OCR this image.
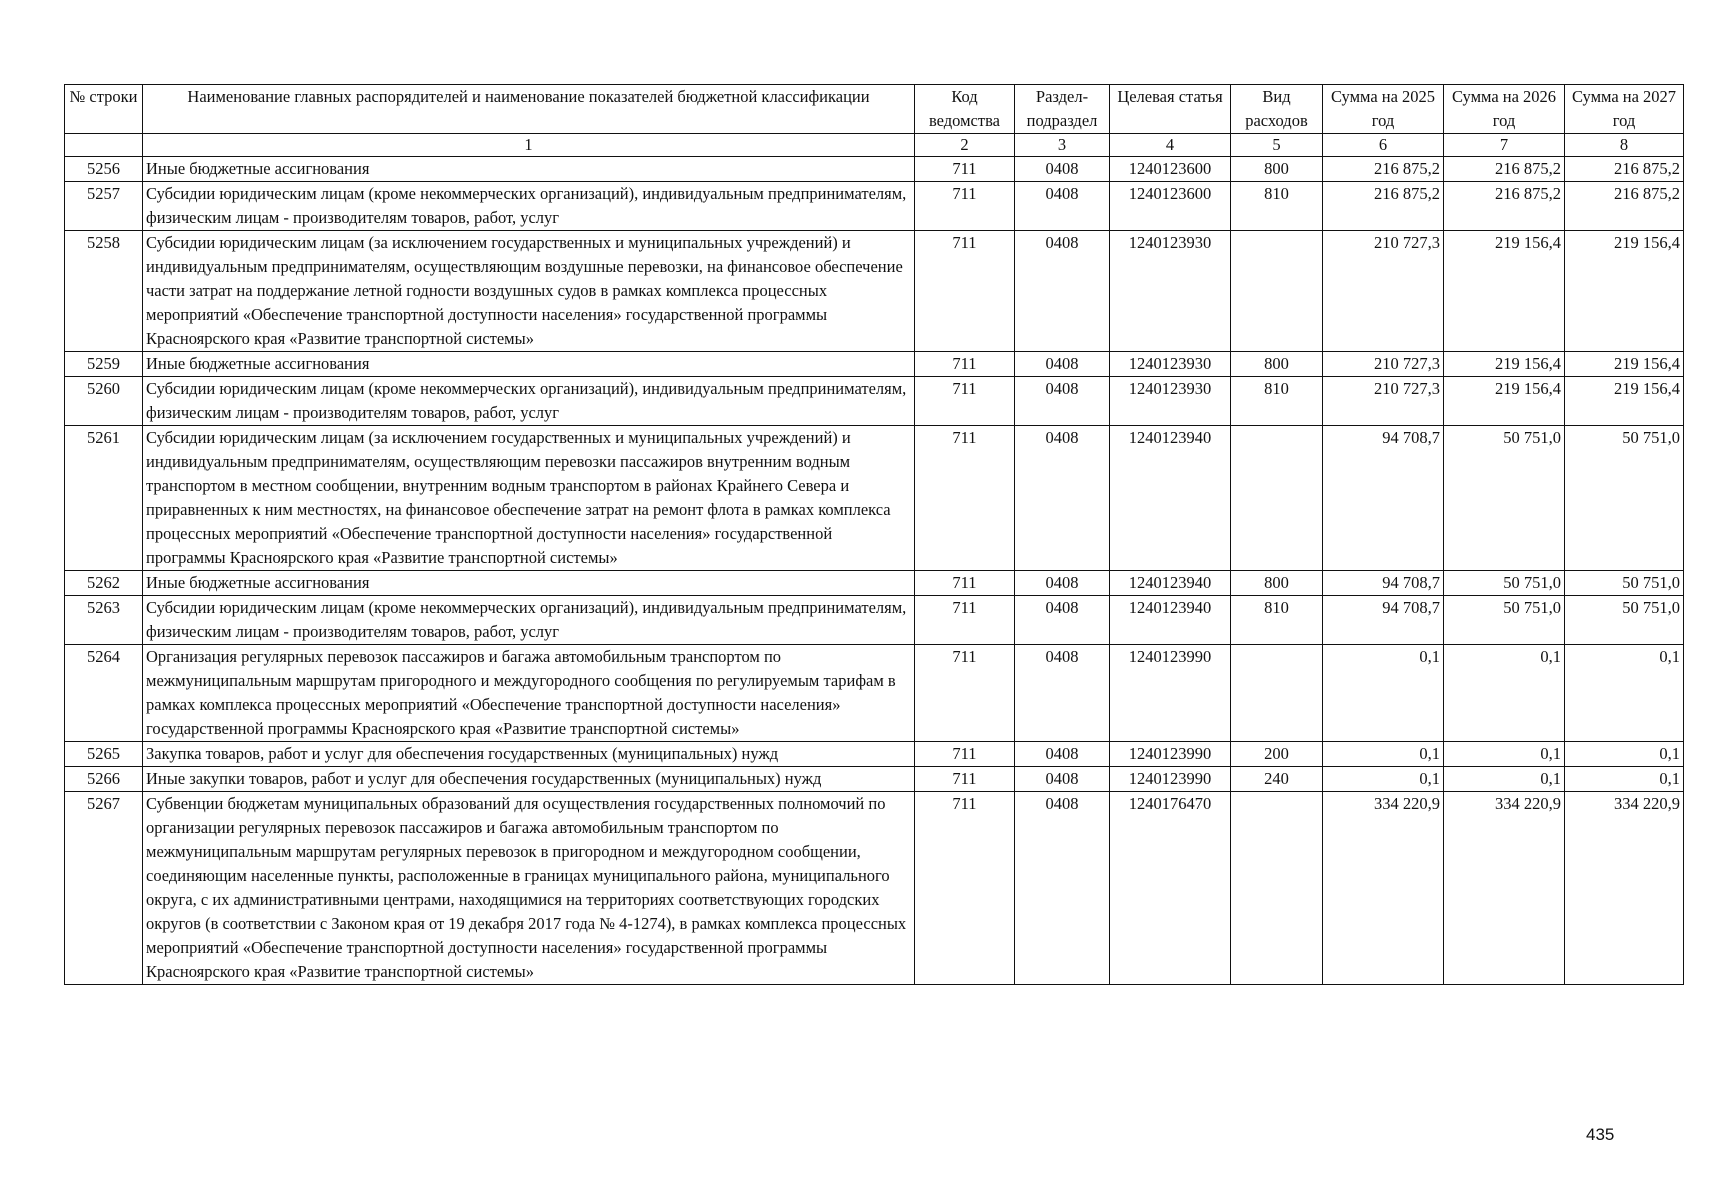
№ строки	Наименование главных распорядителей и наименование показателей бюджетной классификации	Код ведомства	Раздел-подраздел	Целевая статья	Вид расходов	Сумма на 2025 год	Сумма на 2026 год	Сумма на 2027 год
	1	2	3	4	5	6	7	8
5256	Иные бюджетные ассигнования	711	0408	1240123600	800	216 875,2	216 875,2	216 875,2
5257	Субсидии юридическим лицам (кроме некоммерческих организаций), индивидуальным предпринимателям, физическим лицам - производителям товаров, работ, услуг	711	0408	1240123600	810	216 875,2	216 875,2	216 875,2
5258	Субсидии юридическим лицам (за исключением государственных и муниципальных учреждений) и индивидуальным предпринимателям, осуществляющим воздушные перевозки, на финансовое обеспечение части затрат на поддержание летной годности воздушных судов в рамках комплекса процессных мероприятий «Обеспечение транспортной доступности населения» государственной программы Красноярского края «Развитие транспортной системы»	711	0408	1240123930		210 727,3	219 156,4	219 156,4
5259	Иные бюджетные ассигнования	711	0408	1240123930	800	210 727,3	219 156,4	219 156,4
5260	Субсидии юридическим лицам (кроме некоммерческих организаций), индивидуальным предпринимателям, физическим лицам - производителям товаров, работ, услуг	711	0408	1240123930	810	210 727,3	219 156,4	219 156,4
5261	Субсидии юридическим лицам (за исключением государственных и муниципальных учреждений) и индивидуальным предпринимателям, осуществляющим перевозки пассажиров внутренним водным транспортом в местном сообщении, внутренним водным транспортом в районах Крайнего Севера и приравненных к ним местностях, на финансовое обеспечение затрат на ремонт флота в рамках комплекса процессных мероприятий «Обеспечение транспортной доступности населения» государственной программы Красноярского края «Развитие транспортной системы»	711	0408	1240123940		94 708,7	50 751,0	50 751,0
5262	Иные бюджетные ассигнования	711	0408	1240123940	800	94 708,7	50 751,0	50 751,0
5263	Субсидии юридическим лицам (кроме некоммерческих организаций), индивидуальным предпринимателям, физическим лицам - производителям товаров, работ, услуг	711	0408	1240123940	810	94 708,7	50 751,0	50 751,0
5264	Организация регулярных перевозок пассажиров и багажа автомобильным транспортом по межмуниципальным маршрутам пригородного и междугородного сообщения по регулируемым тарифам в рамках комплекса процессных мероприятий «Обеспечение транспортной доступности населения» государственной программы Красноярского края «Развитие транспортной системы»	711	0408	1240123990		0,1	0,1	0,1
5265	Закупка товаров, работ и услуг для обеспечения государственных (муниципальных) нужд	711	0408	1240123990	200	0,1	0,1	0,1
5266	Иные закупки товаров, работ и услуг для обеспечения государственных (муниципальных) нужд	711	0408	1240123990	240	0,1	0,1	0,1
5267	Субвенции бюджетам муниципальных образований для осуществления государственных полномочий по организации регулярных перевозок пассажиров и багажа автомобильным транспортом по межмуниципальным маршрутам регулярных перевозок в пригородном и междугородном сообщении, соединяющим населенные пункты, расположенные в границах муниципального района, муниципального округа, с их административными центрами, находящимися на территориях соответствующих городских округов (в соответствии с Законом края от 19 декабря 2017 года № 4-1274), в рамках комплекса процессных мероприятий «Обеспечение транспортной доступности населения» государственной программы Красноярского края «Развитие транспортной системы»	711	0408	1240176470		334 220,9	334 220,9	334 220,9
435
